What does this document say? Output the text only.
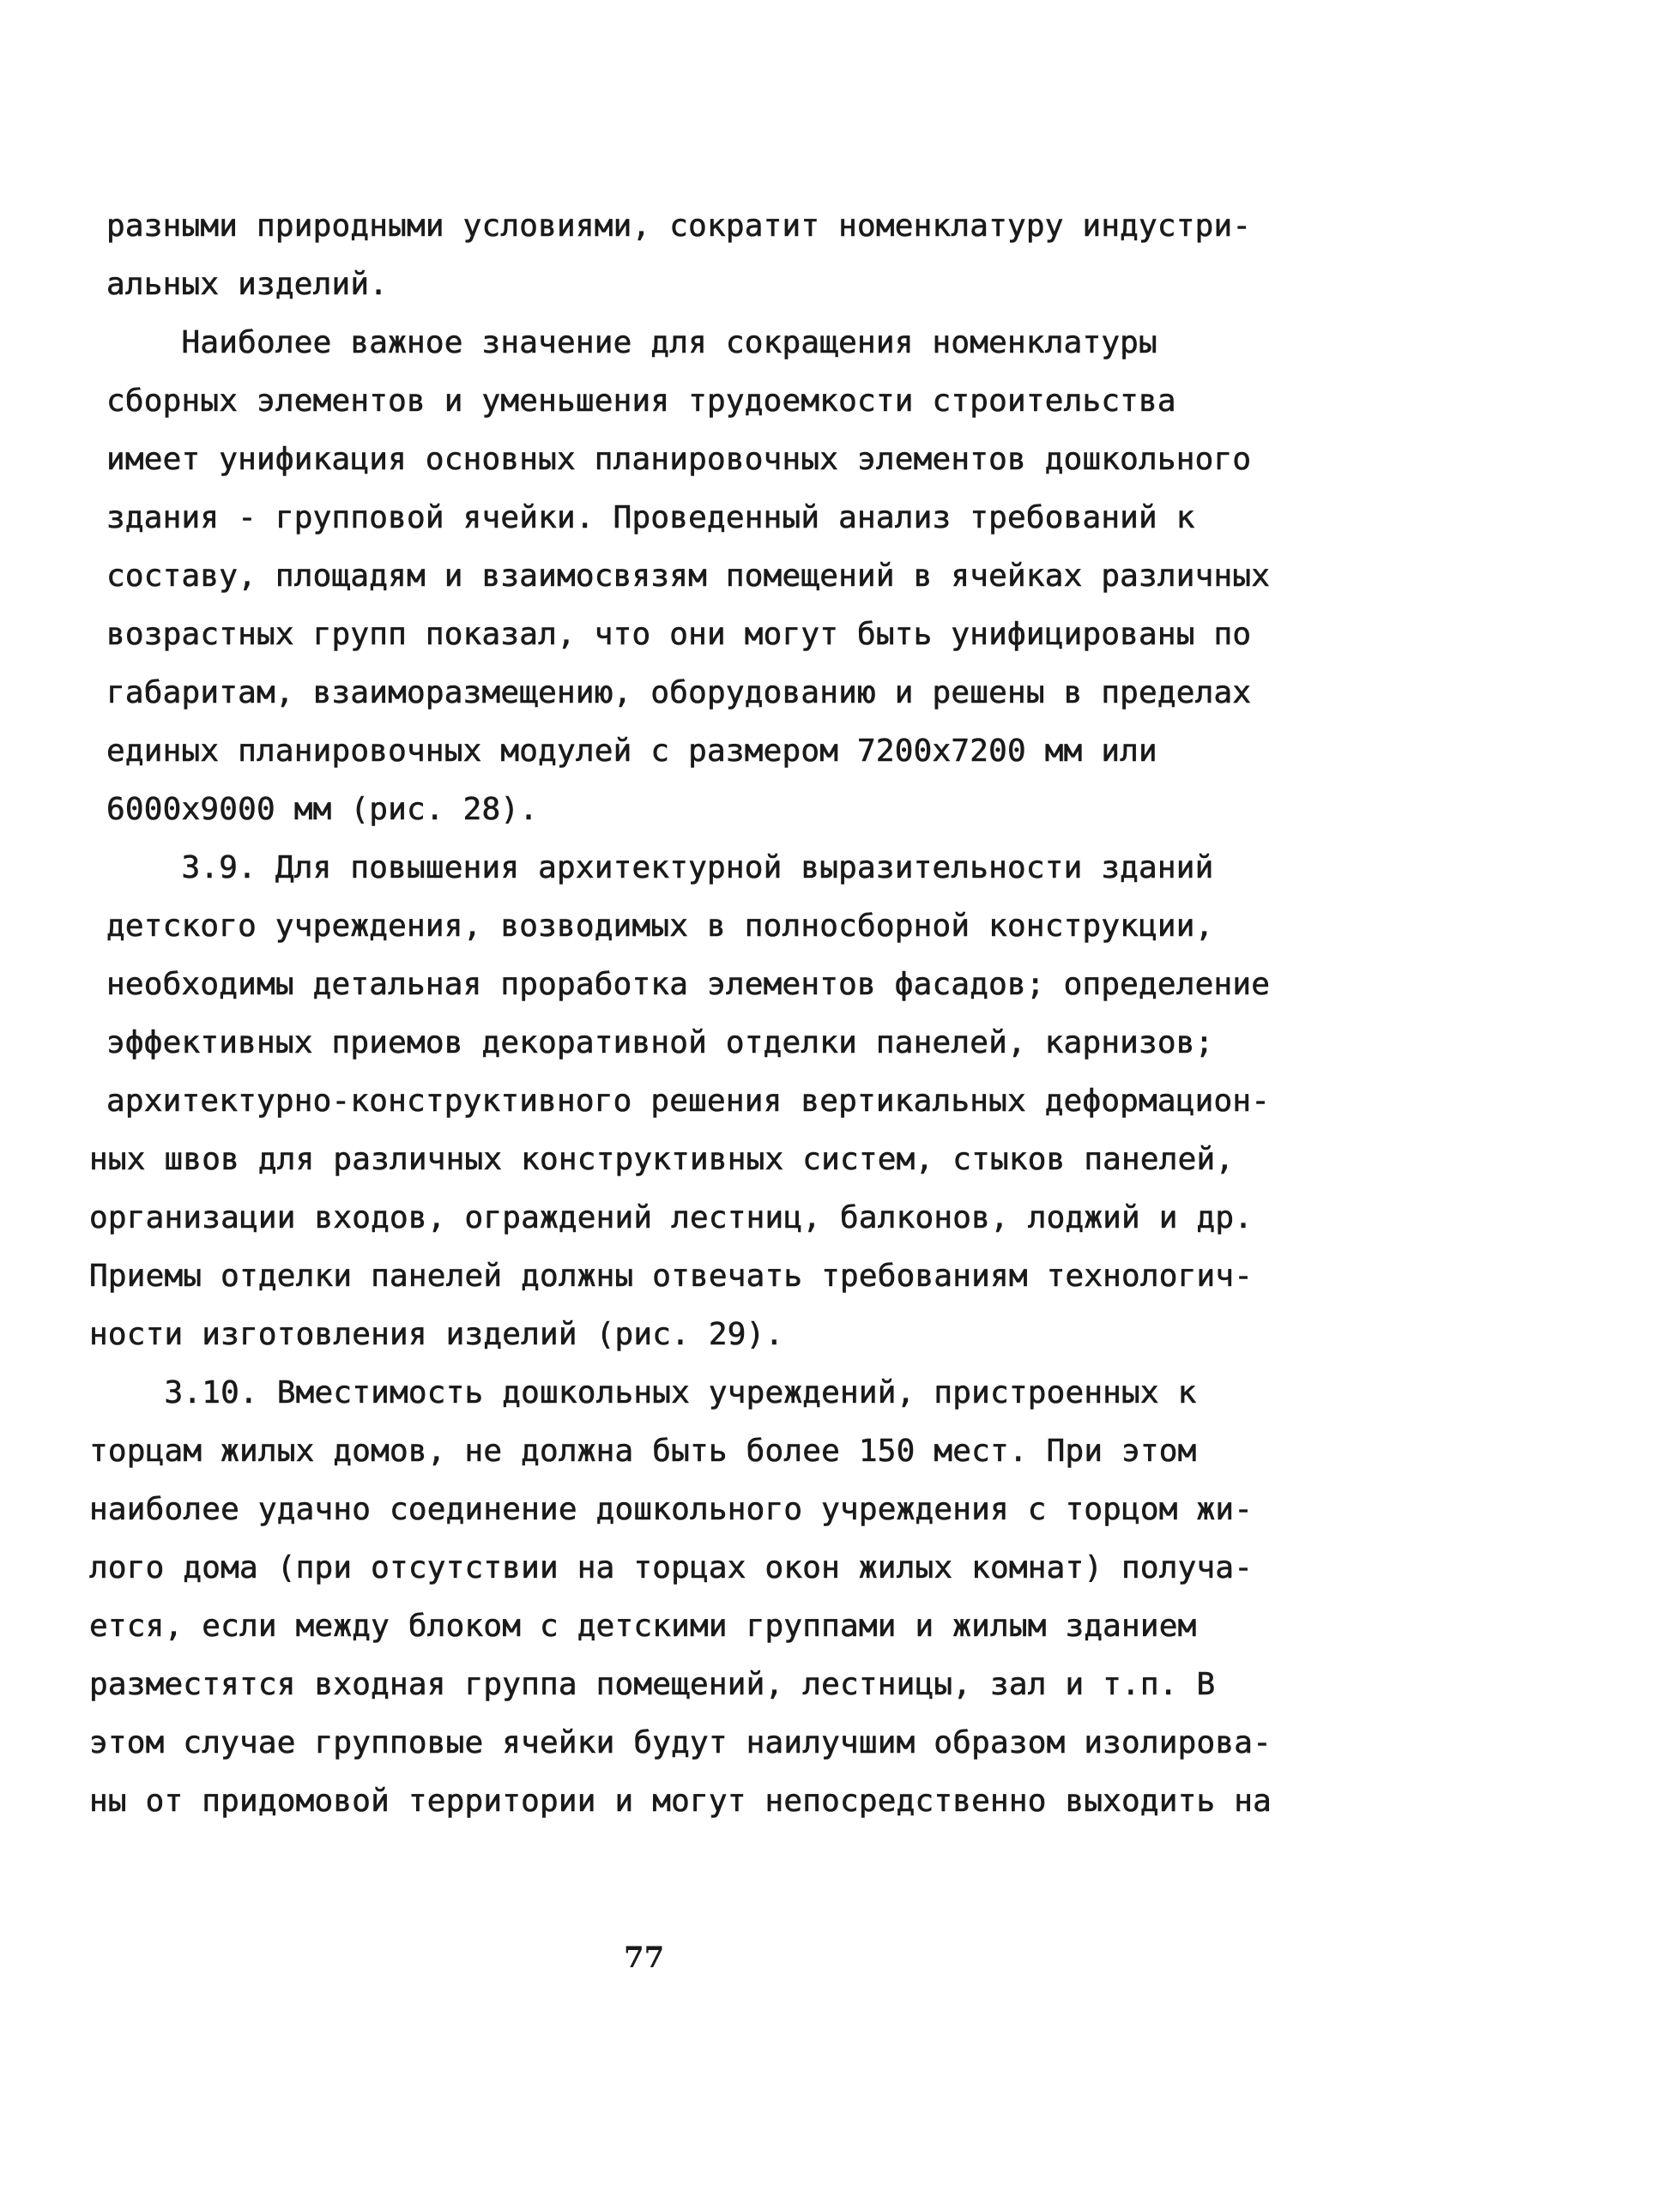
разными природными условиями, сократит номенклатуру индустри-
альных изделий.
Наиболее важное значение для сокращения номенклатуры
сборных элементов и уменьшения трудоемкости строительства
имеет унификация основных планировочных элементов дошкольного
здания - групповой ячейки. Проведенный анализ требований к
составу, площадям и взаимосвязям помещений в ячейках различных
возрастных групп показал, что они могут быть унифицированы по
габаритам, взаиморазмещению, оборудованию и решены в пределах
единых планировочных модулей с размером 7200x7200 мм или
6000x9000 мм (рис. 28).
3.9. Для повышения архитектурной выразительности зданий
детского учреждения, возводимых в полносборной конструкции,
необходимы детальная проработка элементов фасадов; определение
эффективных приемов декоративной отделки панелей, карнизов;
архитектурно-конструктивного решения вертикальных деформацион-
ных швов для различных конструктивных систем, стыков панелей,
организации входов, ограждений лестниц, балконов, лоджий и др.
Приемы отделки панелей должны отвечать требованиям технологич-
ности изготовления изделий (рис. 29).
3.10. Вместимость дошкольных учреждений, пристроенных к
торцам жилых домов, не должна быть более 150 мест. При этом
наиболее удачно соединение дошкольного учреждения с торцом жи-
лого дома (при отсутствии на торцах окон жилых комнат) получа-
ется, если между блоком с детскими группами и жилым зданием
разместятся входная группа помещений, лестницы, зал и т.п. В
этом случае групповые ячейки будут наилучшим образом изолирова-
ны от придомовой территории и могут непосредственно выходить на
77
